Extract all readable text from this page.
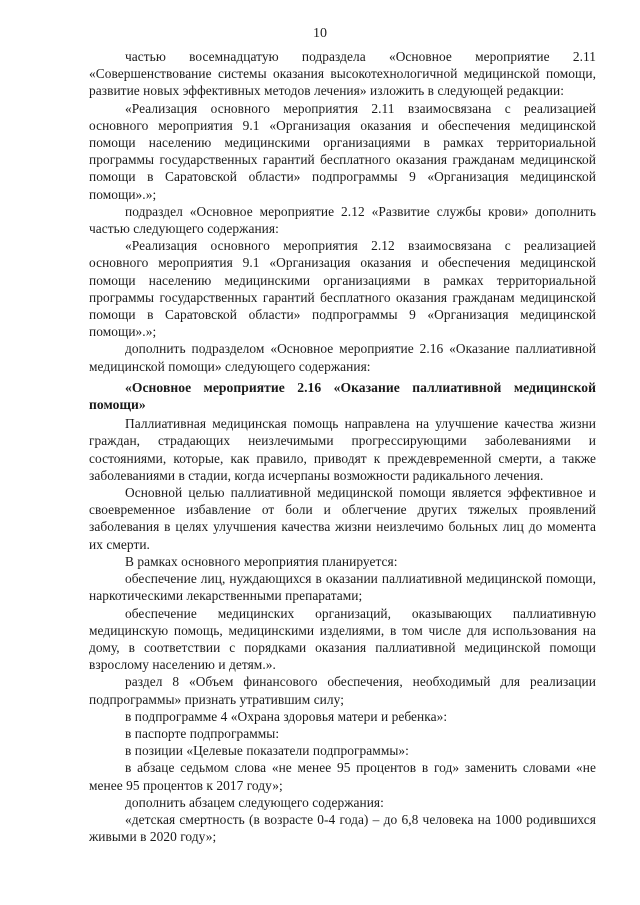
10

частью восемнадцатую подраздела «Основное мероприятие 2.11 «Совершенствование системы оказания высокотехнологичной медицинской помощи, развитие новых эффективных методов лечения» изложить в следующей редакции:

«Реализация основного мероприятия 2.11 взаимосвязана с реализацией основного мероприятия 9.1 «Организация оказания и обеспечения медицинской помощи населению медицинскими организациями в рамках территориальной программы государственных гарантий бесплатного оказания гражданам медицинской помощи в Саратовской области» подпрограммы 9 «Организация медицинской помощи».»;

подраздел «Основное мероприятие 2.12 «Развитие службы крови» дополнить частью следующего содержания:

«Реализация основного мероприятия 2.12 взаимосвязана с реализацией основного мероприятия 9.1 «Организация оказания и обеспечения медицинской помощи населению медицинскими организациями в рамках территориальной программы государственных гарантий бесплатного оказания гражданам медицинской помощи в Саратовской области» подпрограммы 9 «Организация медицинской помощи».»;

дополнить подразделом «Основное мероприятие 2.16 «Оказание паллиативной медицинской помощи» следующего содержания:

«Основное мероприятие 2.16 «Оказание паллиативной медицинской помощи»

Паллиативная медицинская помощь направлена на улучшение качества жизни граждан, страдающих неизлечимыми прогрессирующими заболеваниями и состояниями, которые, как правило, приводят к преждевременной смерти, а также заболеваниями в стадии, когда исчерпаны возможности радикального лечения.

Основной целью паллиативной медицинской помощи является эффективное и своевременное избавление от боли и облегчение других тяжелых проявлений заболевания в целях улучшения качества жизни неизлечимо больных лиц до момента их смерти.

В рамках основного мероприятия планируется:

обеспечение лиц, нуждающихся в оказании паллиативной медицинской помощи, наркотическими лекарственными препаратами;

обеспечение медицинских организаций, оказывающих паллиативную медицинскую помощь, медицинскими изделиями, в том числе для использования на дому, в соответствии с порядками оказания паллиативной медицинской помощи взрослому населению и детям.».

раздел 8 «Объем финансового обеспечения, необходимый для реализации подпрограммы» признать утратившим силу;

в подпрограмме 4 «Охрана здоровья матери и ребенка»:

в паспорте подпрограммы:

в позиции «Целевые показатели подпрограммы»:

в абзаце седьмом слова «не менее 95 процентов в год» заменить словами «не менее 95 процентов к 2017 году»;

дополнить абзацем следующего содержания:

«детская смертность (в возрасте 0-4 года) – до 6,8 человека на 1000 родившихся живыми в 2020 году»;
